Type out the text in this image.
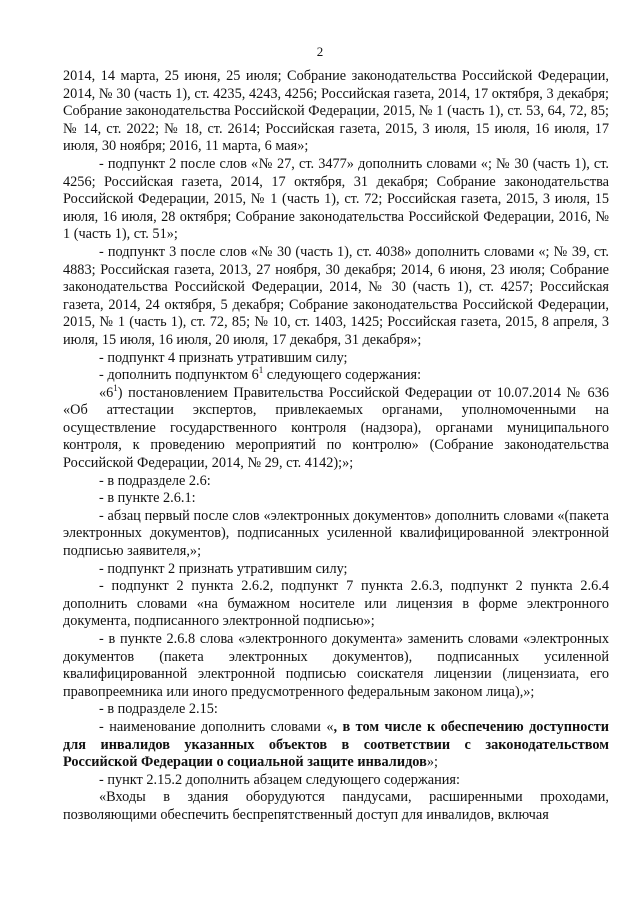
2

2014, 14 марта, 25 июня, 25 июля; Собрание законодательства Российской Федерации, 2014, № 30 (часть 1), ст. 4235, 4243, 4256; Российская газета, 2014, 17 октября, 3 декабря; Собрание законодательства Российской Федерации, 2015, № 1 (часть 1), ст. 53, 64, 72, 85; № 14, ст. 2022; № 18, ст. 2614; Российская газета, 2015, 3 июля, 15 июля, 16 июля, 17 июля, 30 ноября; 2016, 11 марта, 6 мая»;

- подпункт 2 после слов «№ 27, ст. 3477» дополнить словами «; № 30 (часть 1), ст. 4256; Российская газета, 2014, 17 октября, 31 декабря; Собрание законодательства Российской Федерации, 2015, № 1 (часть 1), ст. 72; Российская газета, 2015, 3 июля, 15 июля, 16 июля, 28 октября; Собрание законодательства Российской Федерации, 2016, № 1 (часть 1), ст. 51»;

- подпункт 3 после слов «№ 30 (часть 1), ст. 4038» дополнить словами «; № 39, ст. 4883; Российская газета, 2013, 27 ноября, 30 декабря; 2014, 6 июня, 23 июля; Собрание законодательства Российской Федерации, 2014, № 30 (часть 1), ст. 4257; Российская газета, 2014, 24 октября, 5 декабря; Собрание законодательства Российской Федерации, 2015, № 1 (часть 1), ст. 72, 85; № 10, ст. 1403, 1425; Российская газета, 2015, 8 апреля, 3 июля, 15 июля, 16 июля, 20 июля, 17 декабря, 31 декабря»;

- подпункт 4 признать утратившим силу;

- дополнить подпунктом $6^1$ следующего содержания:

«$6^1$) постановлением Правительства Российской Федерации от 10.07.2014 № 636 «Об аттестации экспертов, привлекаемых органами, уполномоченными на осуществление государственного контроля (надзора), органами муниципального контроля, к проведению мероприятий по контролю» (Собрание законодательства Российской Федерации, 2014, № 29, ст. 4142);»;

- в подразделе 2.6:

- в пункте 2.6.1:

- абзац первый после слов «электронных документов» дополнить словами «(пакета электронных документов), подписанных усиленной квалифицированной электронной подписью заявителя,»;

- подпункт 2 признать утратившим силу;

- подпункт 2 пункта 2.6.2, подпункт 7 пункта 2.6.3, подпункт 2 пункта 2.6.4 дополнить словами «на бумажном носителе или лицензия в форме электронного документа, подписанного электронной подписью»;

- в пункте 2.6.8 слова «электронного документа» заменить словами «электронных документов (пакета электронных документов), подписанных усиленной квалифицированной электронной подписью соискателя лицензии (лицензиата, его правопреемника или иного предусмотренного федеральным законом лица),»;

- в подразделе 2.15:

- наименование дополнить словами «, в том числе к обеспечению доступности для инвалидов указанных объектов в соответствии с законодательством Российской Федерации о социальной защите инвалидов»;

- пункт 2.15.2 дополнить абзацем следующего содержания:

«Входы в здания оборудуются пандусами, расширенными проходами, позволяющими обеспечить беспрепятственный доступ для инвалидов, включая
